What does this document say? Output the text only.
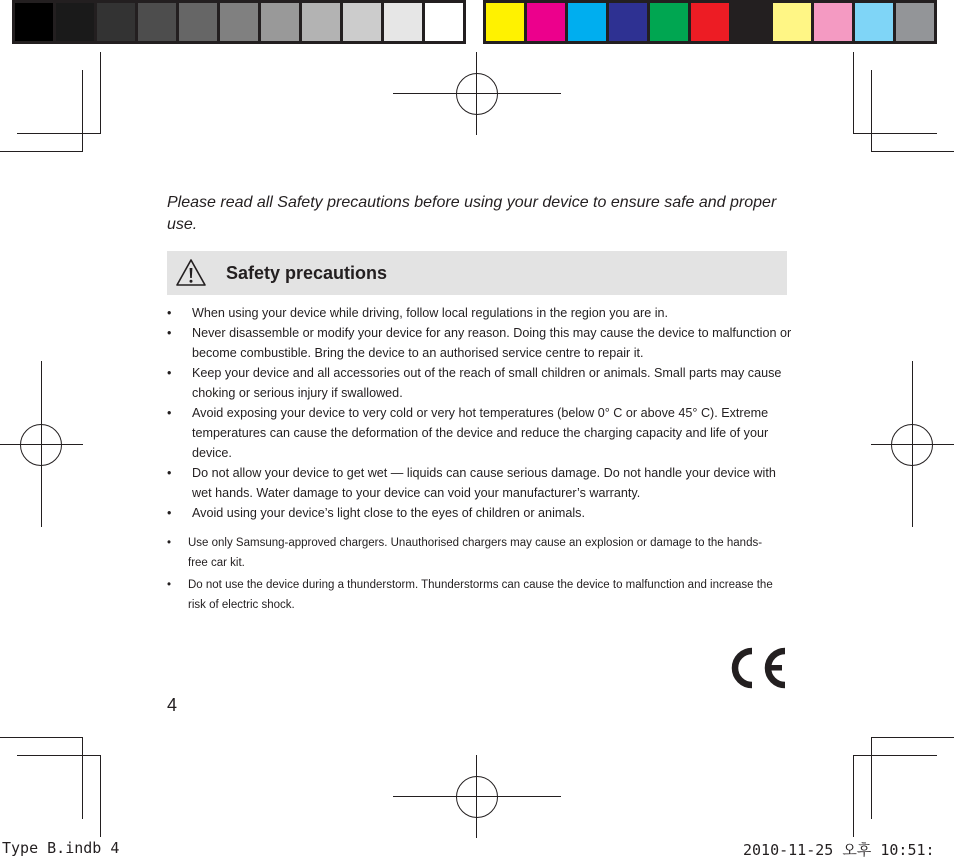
Please read all Safety precautions before using your device to ensure safe and proper use.
Safety precautions
• When using your device while driving, follow local regulations in the region you are in.
• Never disassemble or modify your device for any reason. Doing this may cause the device to malfunction or become combustible. Bring the device to an authorised service centre to repair it.
• Keep your device and all accessories out of the reach of small children or animals. Small parts may cause choking or serious injury if swallowed.
• Avoid exposing your device to very cold or very hot temperatures (below 0° C or above 45° C). Extreme temperatures can cause the deformation of the device and reduce the charging capacity and life of your device.
• Do not allow your device to get wet — liquids can cause serious damage. Do not handle your device with wet hands. Water damage to your device can void your manufacturer’s warranty.
• Avoid using your device’s light close to the eyes of children or animals.
• Use only Samsung-approved chargers. Unauthorised chargers may cause an explosion or damage to the hands-free car kit.
• Do not use the device during a thunderstorm. Thunderstorms can cause the device to malfunction and increase the risk of electric shock.
4
Type B.indb 4	2010-11-25 오후 10:51:
